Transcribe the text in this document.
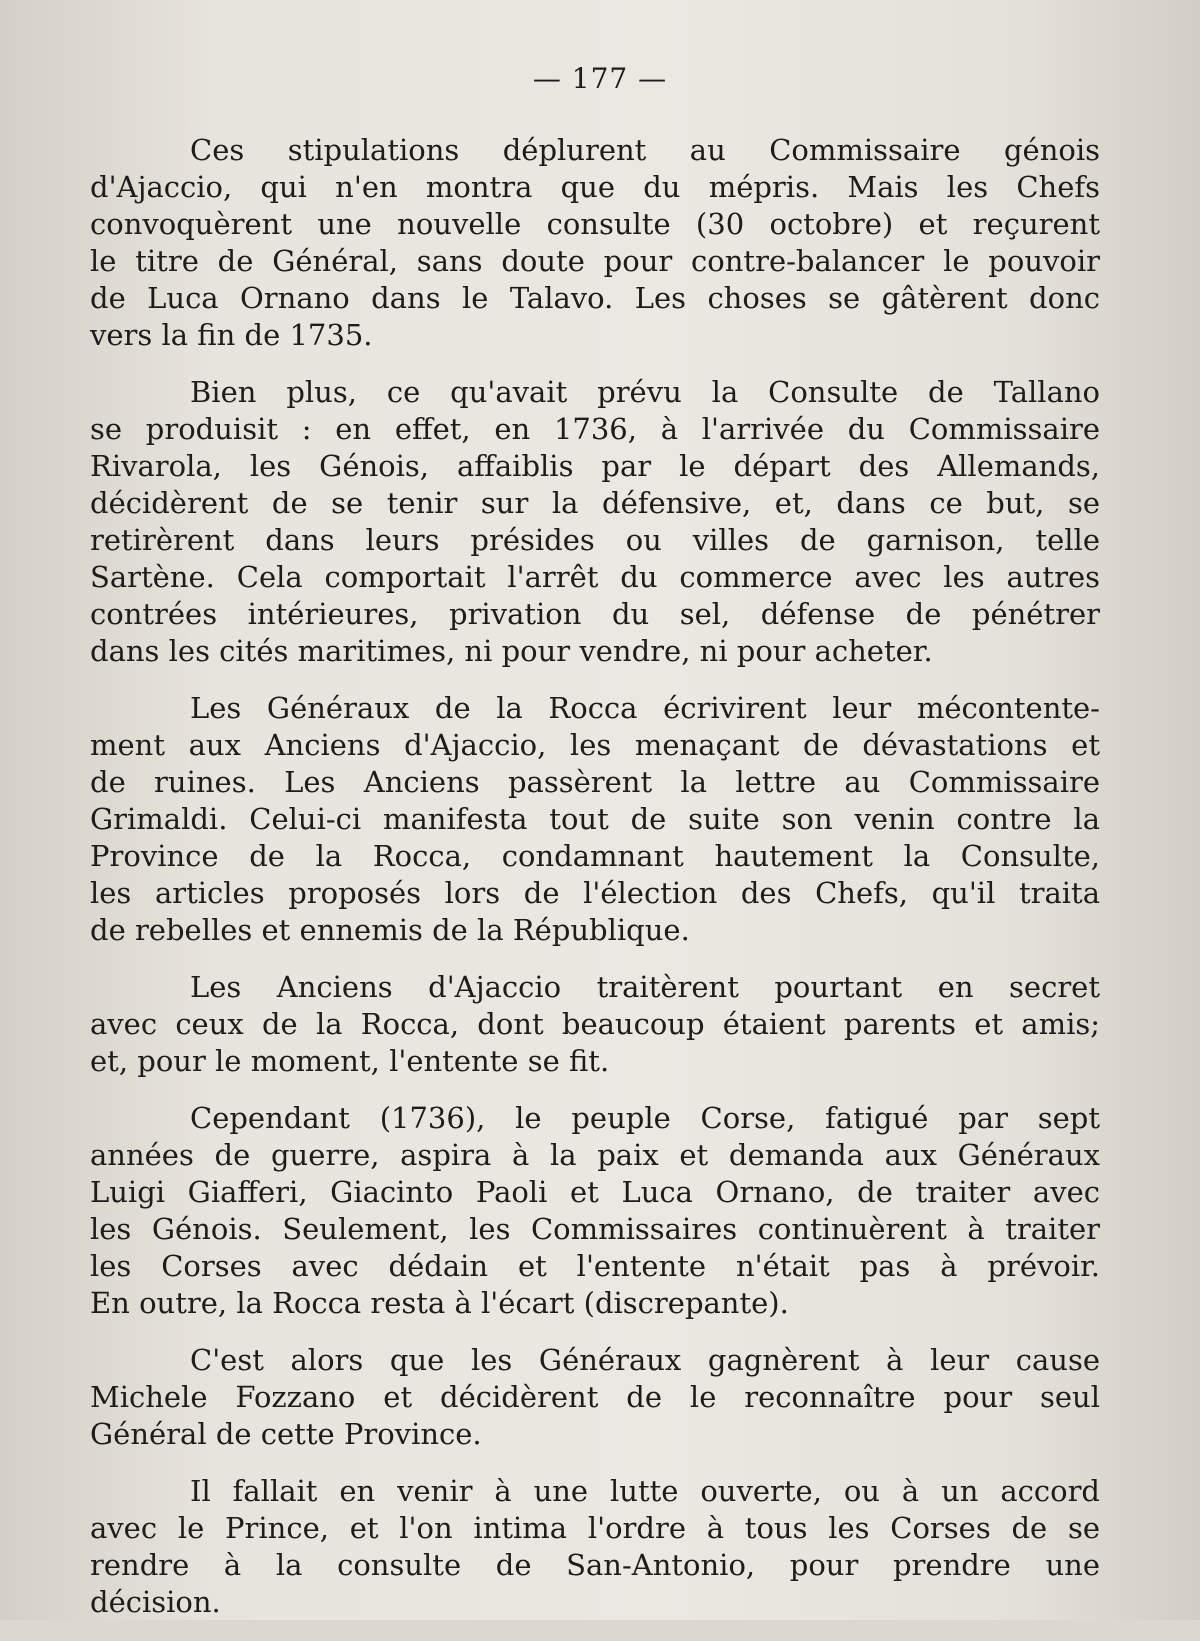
— 177 —

Ces stipulations déplurent au Commissaire génois
d'Ajaccio, qui n'en montra que du mépris. Mais les Chefs
convoquèrent une nouvelle consulte (30 octobre) et reçurent
le titre de Général, sans doute pour contre-balancer le pouvoir
de Luca Ornano dans le Talavo. Les choses se gâtèrent donc
vers la fin de 1735.

Bien plus, ce qu'avait prévu la Consulte de Tallano
se produisit : en effet, en 1736, à l'arrivée du Commissaire
Rivarola, les Génois, affaiblis par le départ des Allemands,
décidèrent de se tenir sur la défensive, et, dans ce but, se
retirèrent dans leurs présides ou villes de garnison, telle
Sartène. Cela comportait l'arrêt du commerce avec les autres
contrées intérieures, privation du sel, défense de pénétrer
dans les cités maritimes, ni pour vendre, ni pour acheter.

Les Généraux de la Rocca écrivirent leur mécontente-
ment aux Anciens d'Ajaccio, les menaçant de dévastations et
de ruines. Les Anciens passèrent la lettre au Commissaire
Grimaldi. Celui-ci manifesta tout de suite son venin contre la
Province de la Rocca, condamnant hautement la Consulte,
les articles proposés lors de l'élection des Chefs, qu'il traita
de rebelles et ennemis de la République.

Les Anciens d'Ajaccio traitèrent pourtant en secret
avec ceux de la Rocca, dont beaucoup étaient parents et amis;
et, pour le moment, l'entente se fit.

Cependant (1736), le peuple Corse, fatigué par sept
années de guerre, aspira à la paix et demanda aux Généraux
Luigi Giafferi, Giacinto Paoli et Luca Ornano, de traiter avec
les Génois. Seulement, les Commissaires continuèrent à traiter
les Corses avec dédain et l'entente n'était pas à prévoir.
En outre, la Rocca resta à l'écart (discrepante).

C'est alors que les Généraux gagnèrent à leur cause
Michele Fozzano et décidèrent de le reconnaître pour seul
Général de cette Province.

Il fallait en venir à une lutte ouverte, ou à un accord
avec le Prince, et l'on intima l'ordre à tous les Corses de se
rendre à la consulte de San-Antonio, pour prendre une
décision.
